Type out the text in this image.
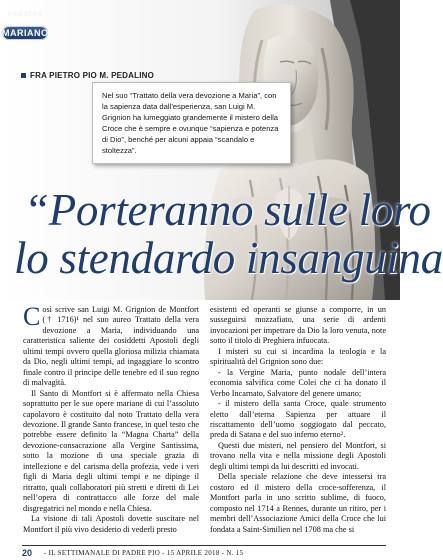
FINESTRA
MARIANO
FRA PIETRO PIO M. PEDALINO
Nel suo “Trattato della vera devozione a Maria”, con la sapienza data dall’esperienza, san Luigi M. Grignion ha lumeggiato grandemente il mistero della Croce che è sempre e ovunque “sapienza e potenza di Dio”, benché per alcuni appaia “scandalo e stoltezza”.
“Porteranno sulle loro
lo stendardo insanguina

Così scrive san Luigi M. Grignion de Montfort († 1716)¹ nel suo aureo Trattato della vera devozione a Maria, individuando una caratteristica saliente dei cosiddetti Apostoli degli ultimi tempi ovvero quella gloriosa milizia chiamata da Dio, negli ultimi tempi, ad ingaggiare lo scontro finale contro il principe delle tenebre ed il suo regno di malvagità.

Il Santo di Montfort si è affermato nella Chiesa soprattutto per le sue opere mariane di cui l’assoluto capolavoro è costituito dal noto Trattato della vera devozione. Il grande Santo francese, in quel testo che potrebbe essere definito la “Magna Charta” della devozione-consacrazione alla Vergine Santissima, sotto la mozione di una speciale grazia di intellezione e del carisma della profezia, vede i veri figli di Maria degli ultimi tempi e ne dipinge il ritratto, quali collaboratori più stretti e diretti di Lei nell’opera di contrattacco alle forze del male disgregatrici nel mondo e nella Chiesa.

La visione di tali Apostoli dovette suscitare nel Montfort il più vivo desiderio di vederli presto

esistenti ed operanti se giunse a comporre, in un susseguirsi mozzafiato, una serie di ardenti invocazioni per impetrare da Dio la loro venuta, note sotto il titolo di Preghiera infuocata.

I misteri su cui si incardina la teologia e la spiritualità del Grignion sono due:

- la Vergine Maria, punto nodale dell’intera economia salvifica come Colei che ci ha donato il Verbo Incarnato, Salvatore del genere umano;

- il mistero della santa Croce, quale strumento eletto dall’eterna Sapienza per attuare il riscattamento dell’uomo soggiogato dal peccato, preda di Satana e del suo inferno eterno².

Questi due misteri, nel pensiero del Montfort, si trovano nella vita e nella missione degli Apostoli degli ultimi tempi da lui descritti ed invocati.

Della speciale relazione che deve intessersi tra costoro ed il mistero della croce-sofferenza, il Montfort parla in uno scritto sublime, di fuoco, composto nel 1714 a Rennes, durante un ritiro, per i membri dell’Associazione Amici della Croce che lui fondata a Saint-Similien nel 1708 ma che si

20 - IL SETTIMANALE DI PADRE PIO - 15 APRILE 2018 - N. 15
